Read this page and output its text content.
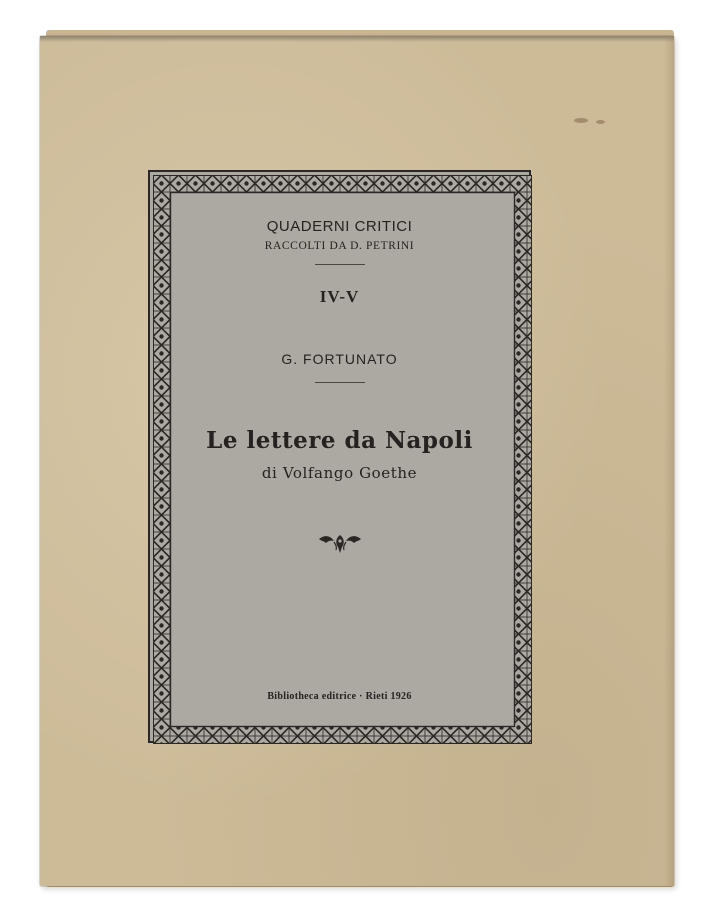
QUADERNI CRITICI
RACCOLTI DA D. PETRINI
IV-V
G. FORTUNATO
Le lettere da Napoli
di Volfango Goethe
Bibliotheca editrice · Rieti 1926
